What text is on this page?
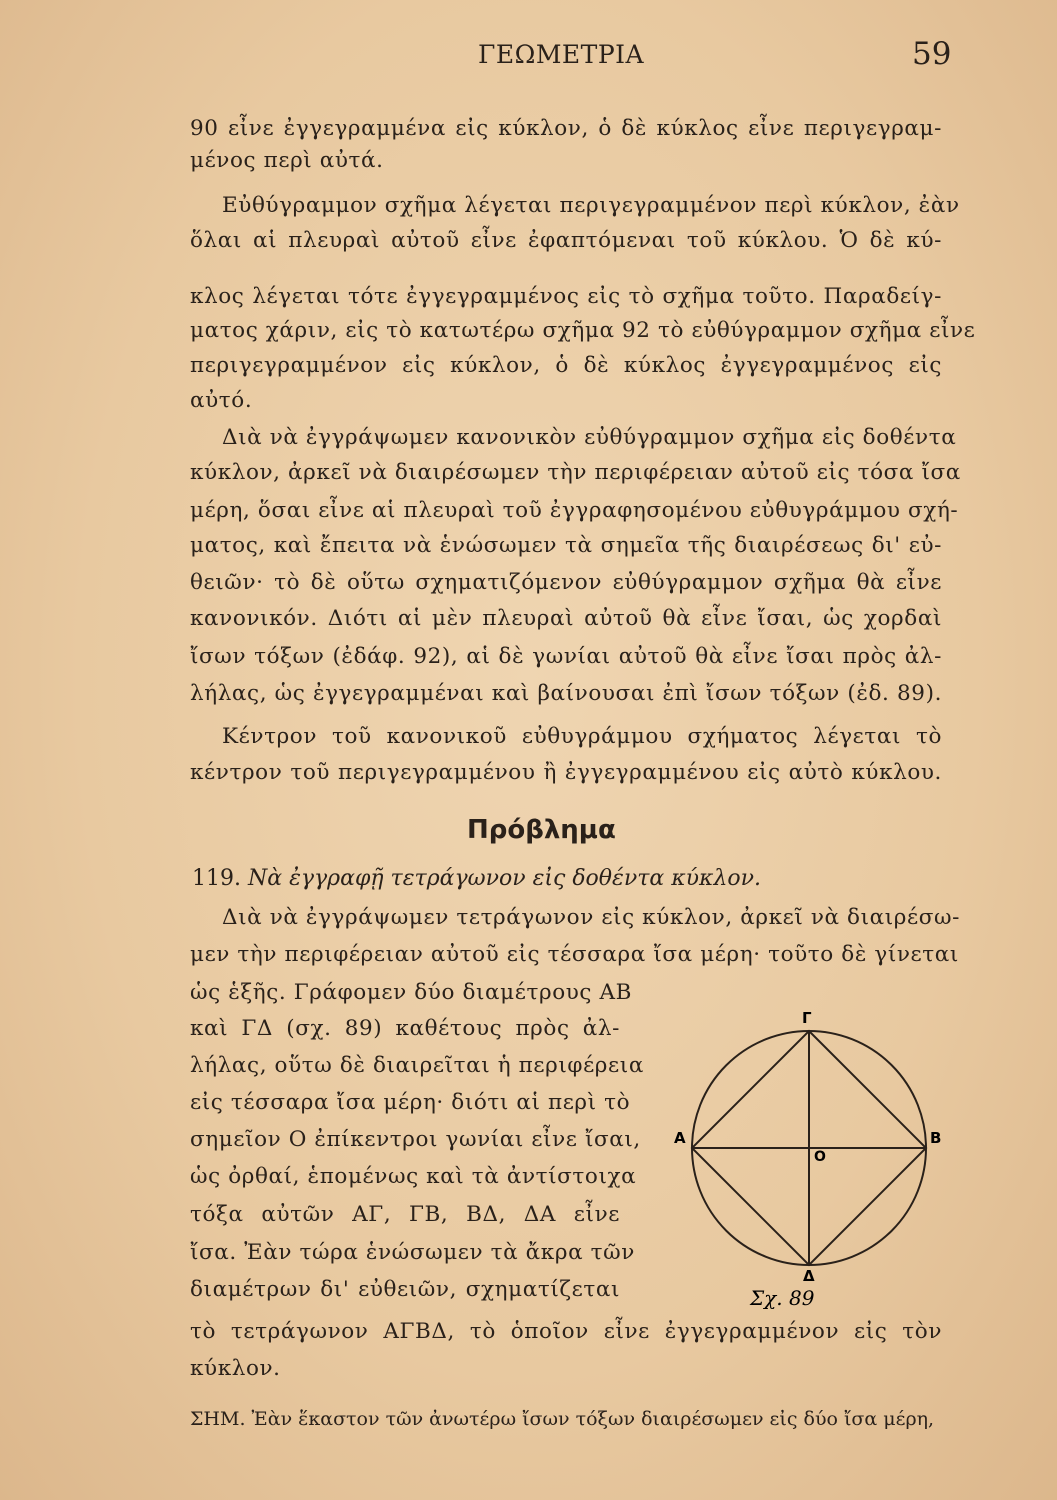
ΓΕΩΜΕΤΡΙΑ	59
90 εἶνε ἐγγεγραμμένα εἰς κύκλον, ὁ δὲ κύκλος εἶνε περιγεγραμ-
μένος περὶ αὐτά.
Εὐθύγραμμον σχῆμα λέγεται περιγεγραμμένον περὶ κύκλον, ἐὰν
ὅλαι αἱ πλευραὶ αὐτοῦ εἶνε ἐφαπτόμεναι τοῦ κύκλου. Ὁ δὲ κύ-
κλος λέγεται τότε ἐγγεγραμμένος εἰς τὸ σχῆμα τοῦτο. Παραδείγ-
ματος χάριν, εἰς τὸ κατωτέρω σχῆμα 92 τὸ εὐθύγραμμον σχῆμα εἶνε
περιγεγραμμένον εἰς κύκλον, ὁ δὲ κύκλος ἐγγεγραμμένος εἰς
αὐτό.
Διὰ νὰ ἐγγράψωμεν κανονικὸν εὐθύγραμμον σχῆμα εἰς δοθέντα
κύκλον, ἀρκεῖ νὰ διαιρέσωμεν τὴν περιφέρειαν αὐτοῦ εἰς τόσα ἴσα
μέρη, ὅσαι εἶνε αἱ πλευραὶ τοῦ ἐγγραφησομένου εὐθυγράμμου σχή-
ματος, καὶ ἔπειτα νὰ ἑνώσωμεν τὰ σημεῖα τῆς διαιρέσεως δι' εὐ-
θειῶν· τὸ δὲ οὕτω σχηματιζόμενον εὐθύγραμμον σχῆμα θὰ εἶνε
κανονικόν. Διότι αἱ μὲν πλευραὶ αὐτοῦ θὰ εἶνε ἴσαι, ὡς χορδαὶ
ἴσων τόξων (ἐδάφ. 92), αἱ δὲ γωνίαι αὐτοῦ θὰ εἶνε ἴσαι πρὸς ἀλ-
λήλας, ὡς ἐγγεγραμμέναι καὶ βαίνουσαι ἐπὶ ἴσων τόξων (ἐδ. 89).
Κέντρον τοῦ κανονικοῦ εὐθυγράμμου σχήματος λέγεται τὸ
κέντρον τοῦ περιγεγραμμένου ἢ ἐγγεγραμμένου εἰς αὐτὸ κύκλου.
Πρόβλημα
119. Νὰ ἐγγραφῇ τετράγωνον εἰς δοθέντα κύκλον.
Διὰ νὰ ἐγγράψωμεν τετράγωνον εἰς κύκλον, ἀρκεῖ νὰ διαιρέσω-
μεν τὴν περιφέρειαν αὐτοῦ εἰς τέσσαρα ἴσα μέρη· τοῦτο δὲ γίνεται
ὡς ἑξῆς. Γράφομεν δύο διαμέτρους ΑΒ
καὶ ΓΔ (σχ. 89) καθέτους πρὸς ἀλ-
λήλας, οὕτω δὲ διαιρεῖται ἡ περιφέρεια
εἰς τέσσαρα ἴσα μέρη· διότι αἱ περὶ τὸ
σημεῖον Ο ἐπίκεντροι γωνίαι εἶνε ἴσαι,
ὡς ὀρθαί, ἑπομένως καὶ τὰ ἀντίστοιχα
τόξα αὐτῶν ΑΓ, ΓΒ, ΒΔ, ΔΑ εἶνε
ἴσα. Ἐὰν τώρα ἑνώσωμεν τὰ ἄκρα τῶν
διαμέτρων δι' εὐθειῶν, σχηματίζεται
τὸ τετράγωνον ΑΓΒΔ, τὸ ὁποῖον εἶνε ἐγγεγραμμένον εἰς τὸν
κύκλον.
Γ
Α	Β
Ο
Δ
Σχ. 89
ΣΗΜ. Ἐὰν ἕκαστον τῶν ἀνωτέρω ἴσων τόξων διαιρέσωμεν εἰς δύο ἴσα μέρη,
